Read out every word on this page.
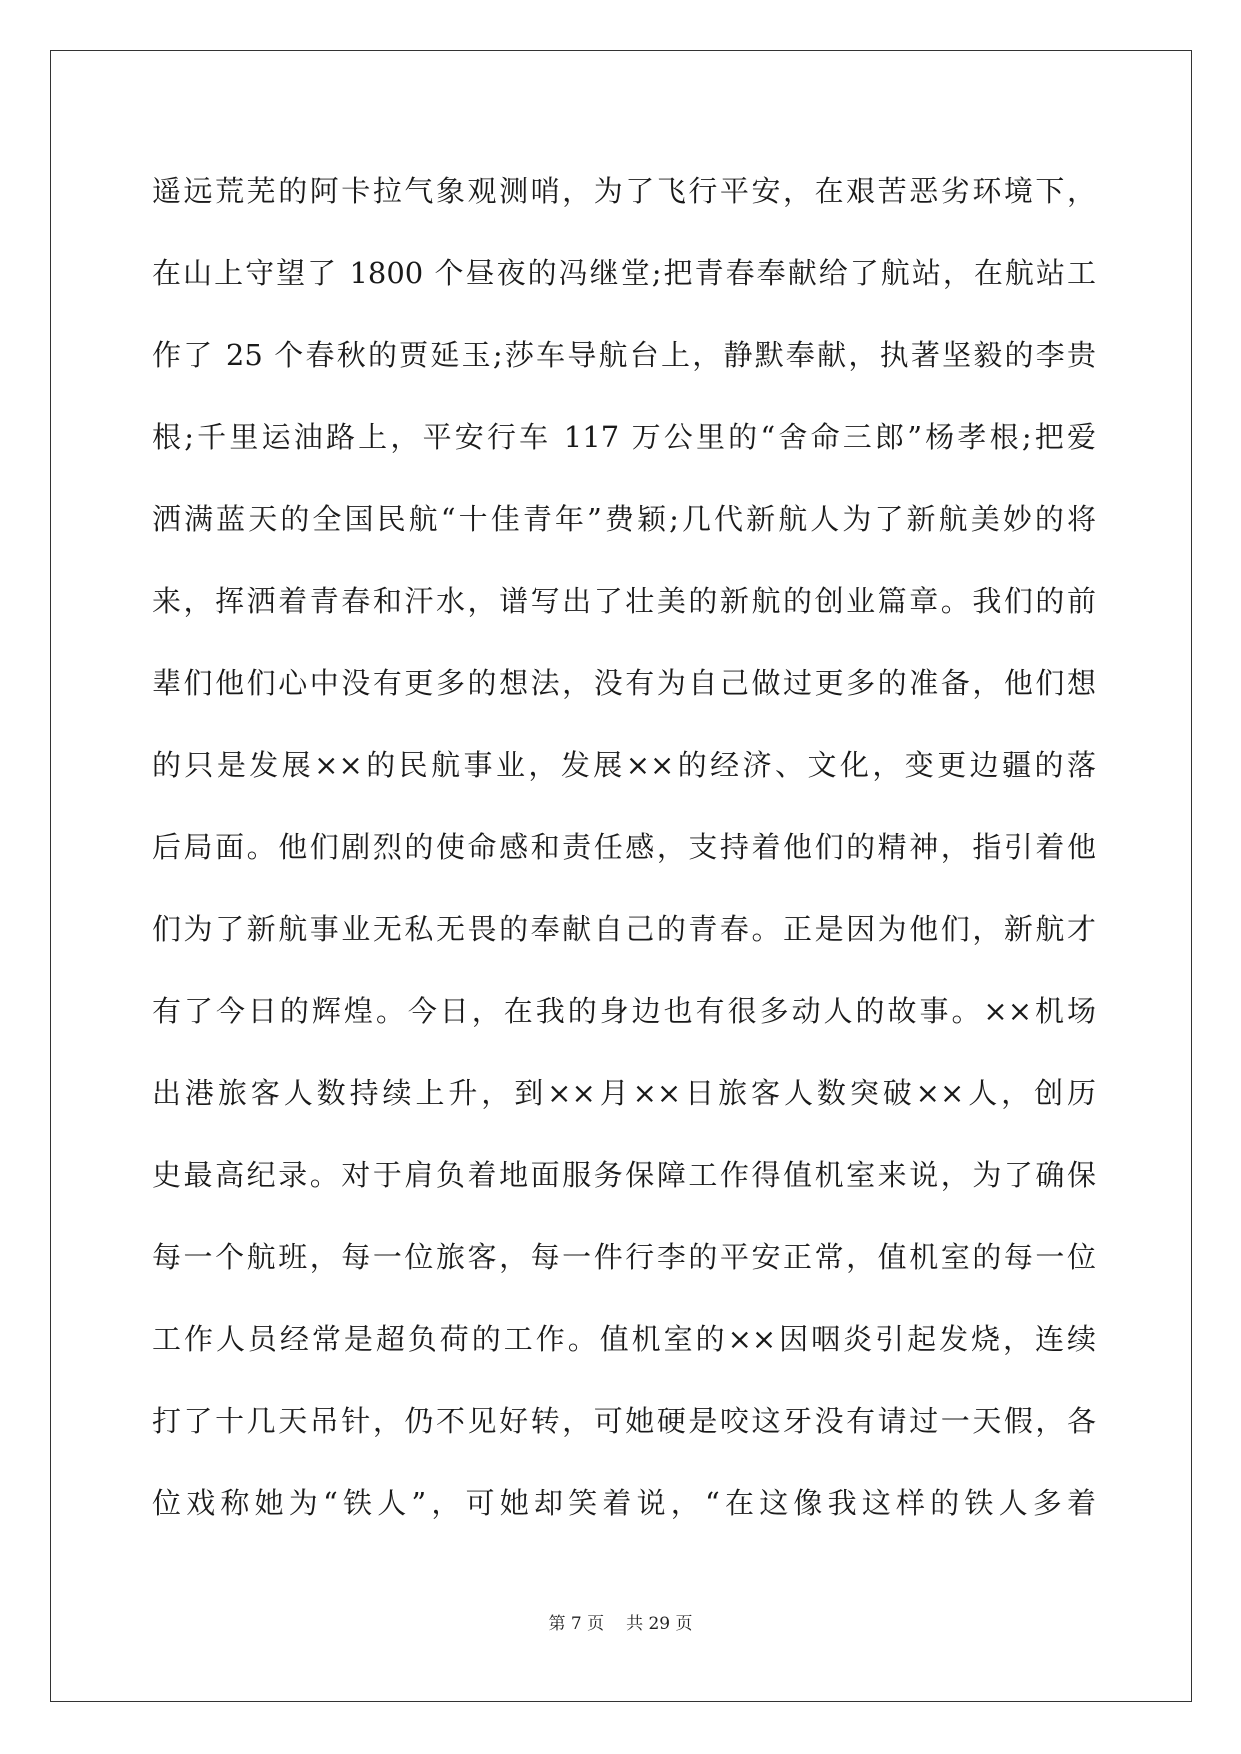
遥远荒芜的阿卡拉气象观测哨，为了飞行平安，在艰苦恶劣环境下，
在山上守望了 1800 个昼夜的冯继堂;把青春奉献给了航站，在航站工
作了 25 个春秋的贾延玉;莎车导航台上，静默奉献，执著坚毅的李贵
根;千里运油路上，平安行车 117 万公里的“舍命三郎”杨孝根;把爱
洒满蓝天的全国民航“十佳青年”费颖;几代新航人为了新航美妙的将
来，挥洒着青春和汗水，谱写出了壮美的新航的创业篇章。我们的前
辈们他们心中没有更多的想法，没有为自己做过更多的准备，他们想
的只是发展××的民航事业，发展××的经济、文化，变更边疆的落
后局面。他们剧烈的使命感和责任感，支持着他们的精神，指引着他
们为了新航事业无私无畏的奉献自己的青春。正是因为他们，新航才
有了今日的辉煌。今日，在我的身边也有很多动人的故事。××机场
出港旅客人数持续上升，到××月××日旅客人数突破××人，创历
史最高纪录。对于肩负着地面服务保障工作得值机室来说，为了确保
每一个航班，每一位旅客，每一件行李的平安正常，值机室的每一位
工作人员经常是超负荷的工作。值机室的××因咽炎引起发烧，连续
打了十几天吊针，仍不见好转，可她硬是咬这牙没有请过一天假，各
位戏称她为“铁人”，可她却笑着说，“在这像我这样的铁人多着
第 7 页 共 29 页
